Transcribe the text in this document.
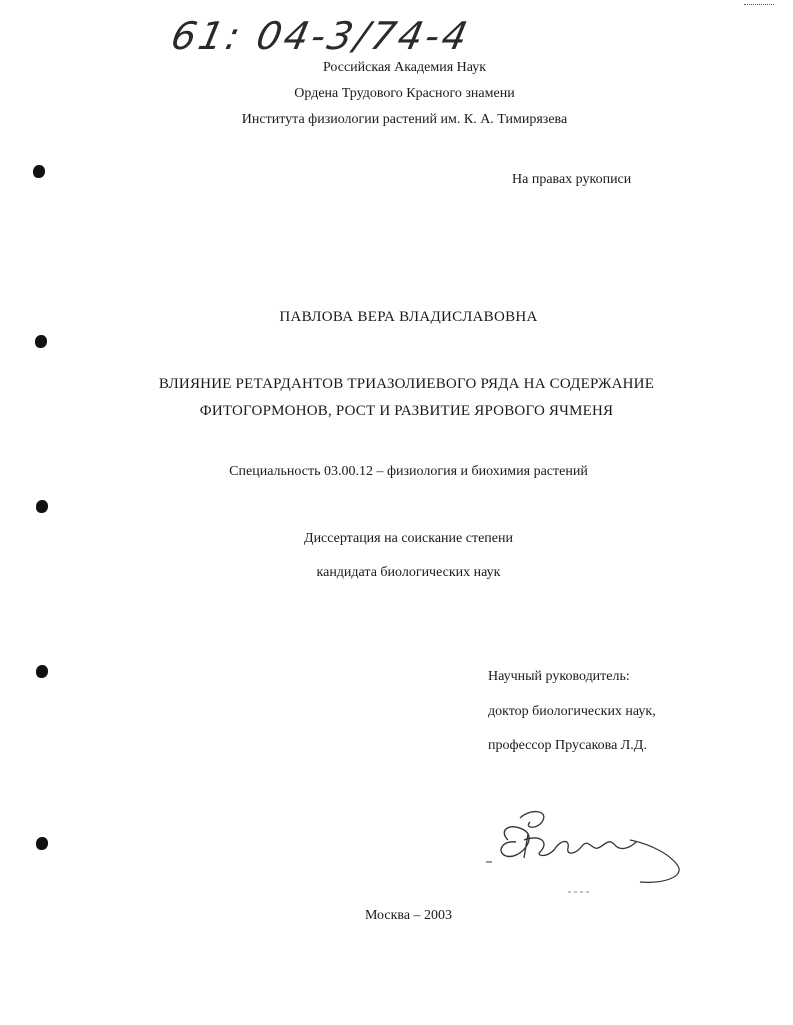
61: 04-3/74-4
Российская Академия Наук
Ордена Трудового Красного знамени
Института физиологии растений им. К. А. Тимирязева
На правах рукописи
ПАВЛОВА ВЕРА ВЛАДИСЛАВОВНА
ВЛИЯНИЕ РЕТАРДАНТОВ ТРИАЗОЛИЕВОГО РЯДА НА СОДЕРЖАНИЕ
ФИТОГОРМОНОВ, РОСТ И РАЗВИТИЕ ЯРОВОГО ЯЧМЕНЯ
Специальность 03.00.12 – физиология и биохимия растений
Диссертация на соискание степени
кандидата биологических наук
Научный руководитель:
доктор биологических наук,
профессор Прусакова Л.Д.
Москва – 2003
